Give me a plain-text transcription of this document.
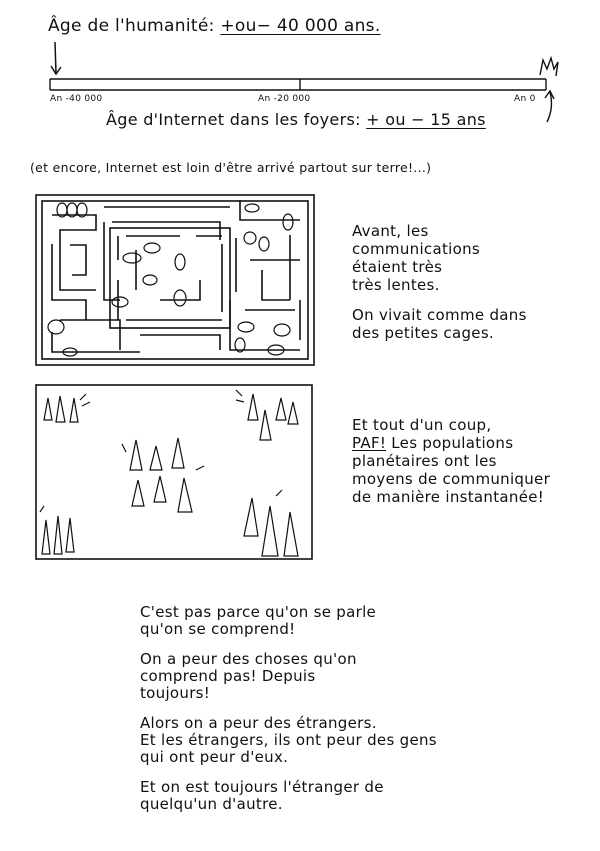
Âge de l'humanité: +ou− 40 000 ans.
An -40 000	An -20 000	An 0
Âge d'Internet dans les foyers: + ou − 15 ans
(et encore, Internet est loin d'être arrivé partout sur terre!...)

Avant, les
communications
étaient très
très lentes.

On vivait comme dans
des petites cages.

Et tout d'un coup,
PAF! Les populations
planétaires ont les
moyens de communiquer
de manière instantanée!

C'est pas parce qu'on se parle
qu'on se comprend!

On a peur des choses qu'on
comprend pas! Depuis
toujours!

Alors on a peur des étrangers.
Et les étrangers, ils ont peur des gens
qui ont peur d'eux.

Et on est toujours l'étranger de
quelqu'un d'autre.
